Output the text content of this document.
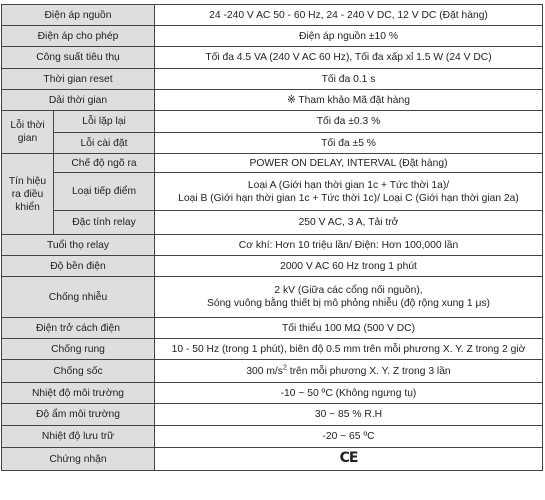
Điện áp nguồn		24 -240 V AC 50 - 60 Hz, 24 - 240 V DC, 12 V DC (Đặt hàng)
Điện áp cho phép		Điện áp nguồn ±10 %
Công suất tiêu thụ		Tối đa 4.5 VA (240 V AC 60 Hz), Tối đa xấp xỉ 1.5 W (24 V DC)
Thời gian reset		Tối đa 0.1 s
Dải thời gian		※ Tham khảo Mã đặt hàng
Lỗi thời gian	Lỗi lặp lại	Tối đa ±0.3 %
	Lỗi cài đặt	Tối đa ±5 %
Tín hiệu ra điều khiển	Chế độ ngõ ra	POWER ON DELAY, INTERVAL (Đặt hàng)
	Loại tiếp điểm	Loại A (Giới hạn thời gian 1c + Tức thời 1a)/
Loại B (Giới hạn thời gian 1c + Tức thời 1c)/ Loại C (Giới hạn thời gian 2a)

	Đặc tính relay	250 V AC, 3 A, Tải trở
Tuổi thọ relay		Cơ khí: Hơn 10 triệu lần/ Điện: Hơn 100,000 lần
Độ bền điện		2000 V AC 60 Hz trong 1 phút
Chống nhiễu		2 kV (Giữa các cổng nối nguồn),
Sóng vuông bằng thiết bị mô phỏng nhiễu (độ rộng xung 1 μs)

Điện trở cách điện		Tối thiểu 100 MΩ (500 V DC)
Chống rung		10 - 50 Hz (trong 1 phút), biên độ 0.5 mm trên mỗi phương X. Y. Z trong 2 giờ
Chống sốc		300 $m/s^2$ trên mỗi phương X. Y. Z trong 3 lần
Nhiệt độ môi trường		-10 ~ 50 ºC (Không ngưng tụ)
Độ ẩm môi trường		30 ~ 85 % R.H
Nhiệt độ lưu trữ		-20 ~ 65 ºC
Chứng nhận		CE
